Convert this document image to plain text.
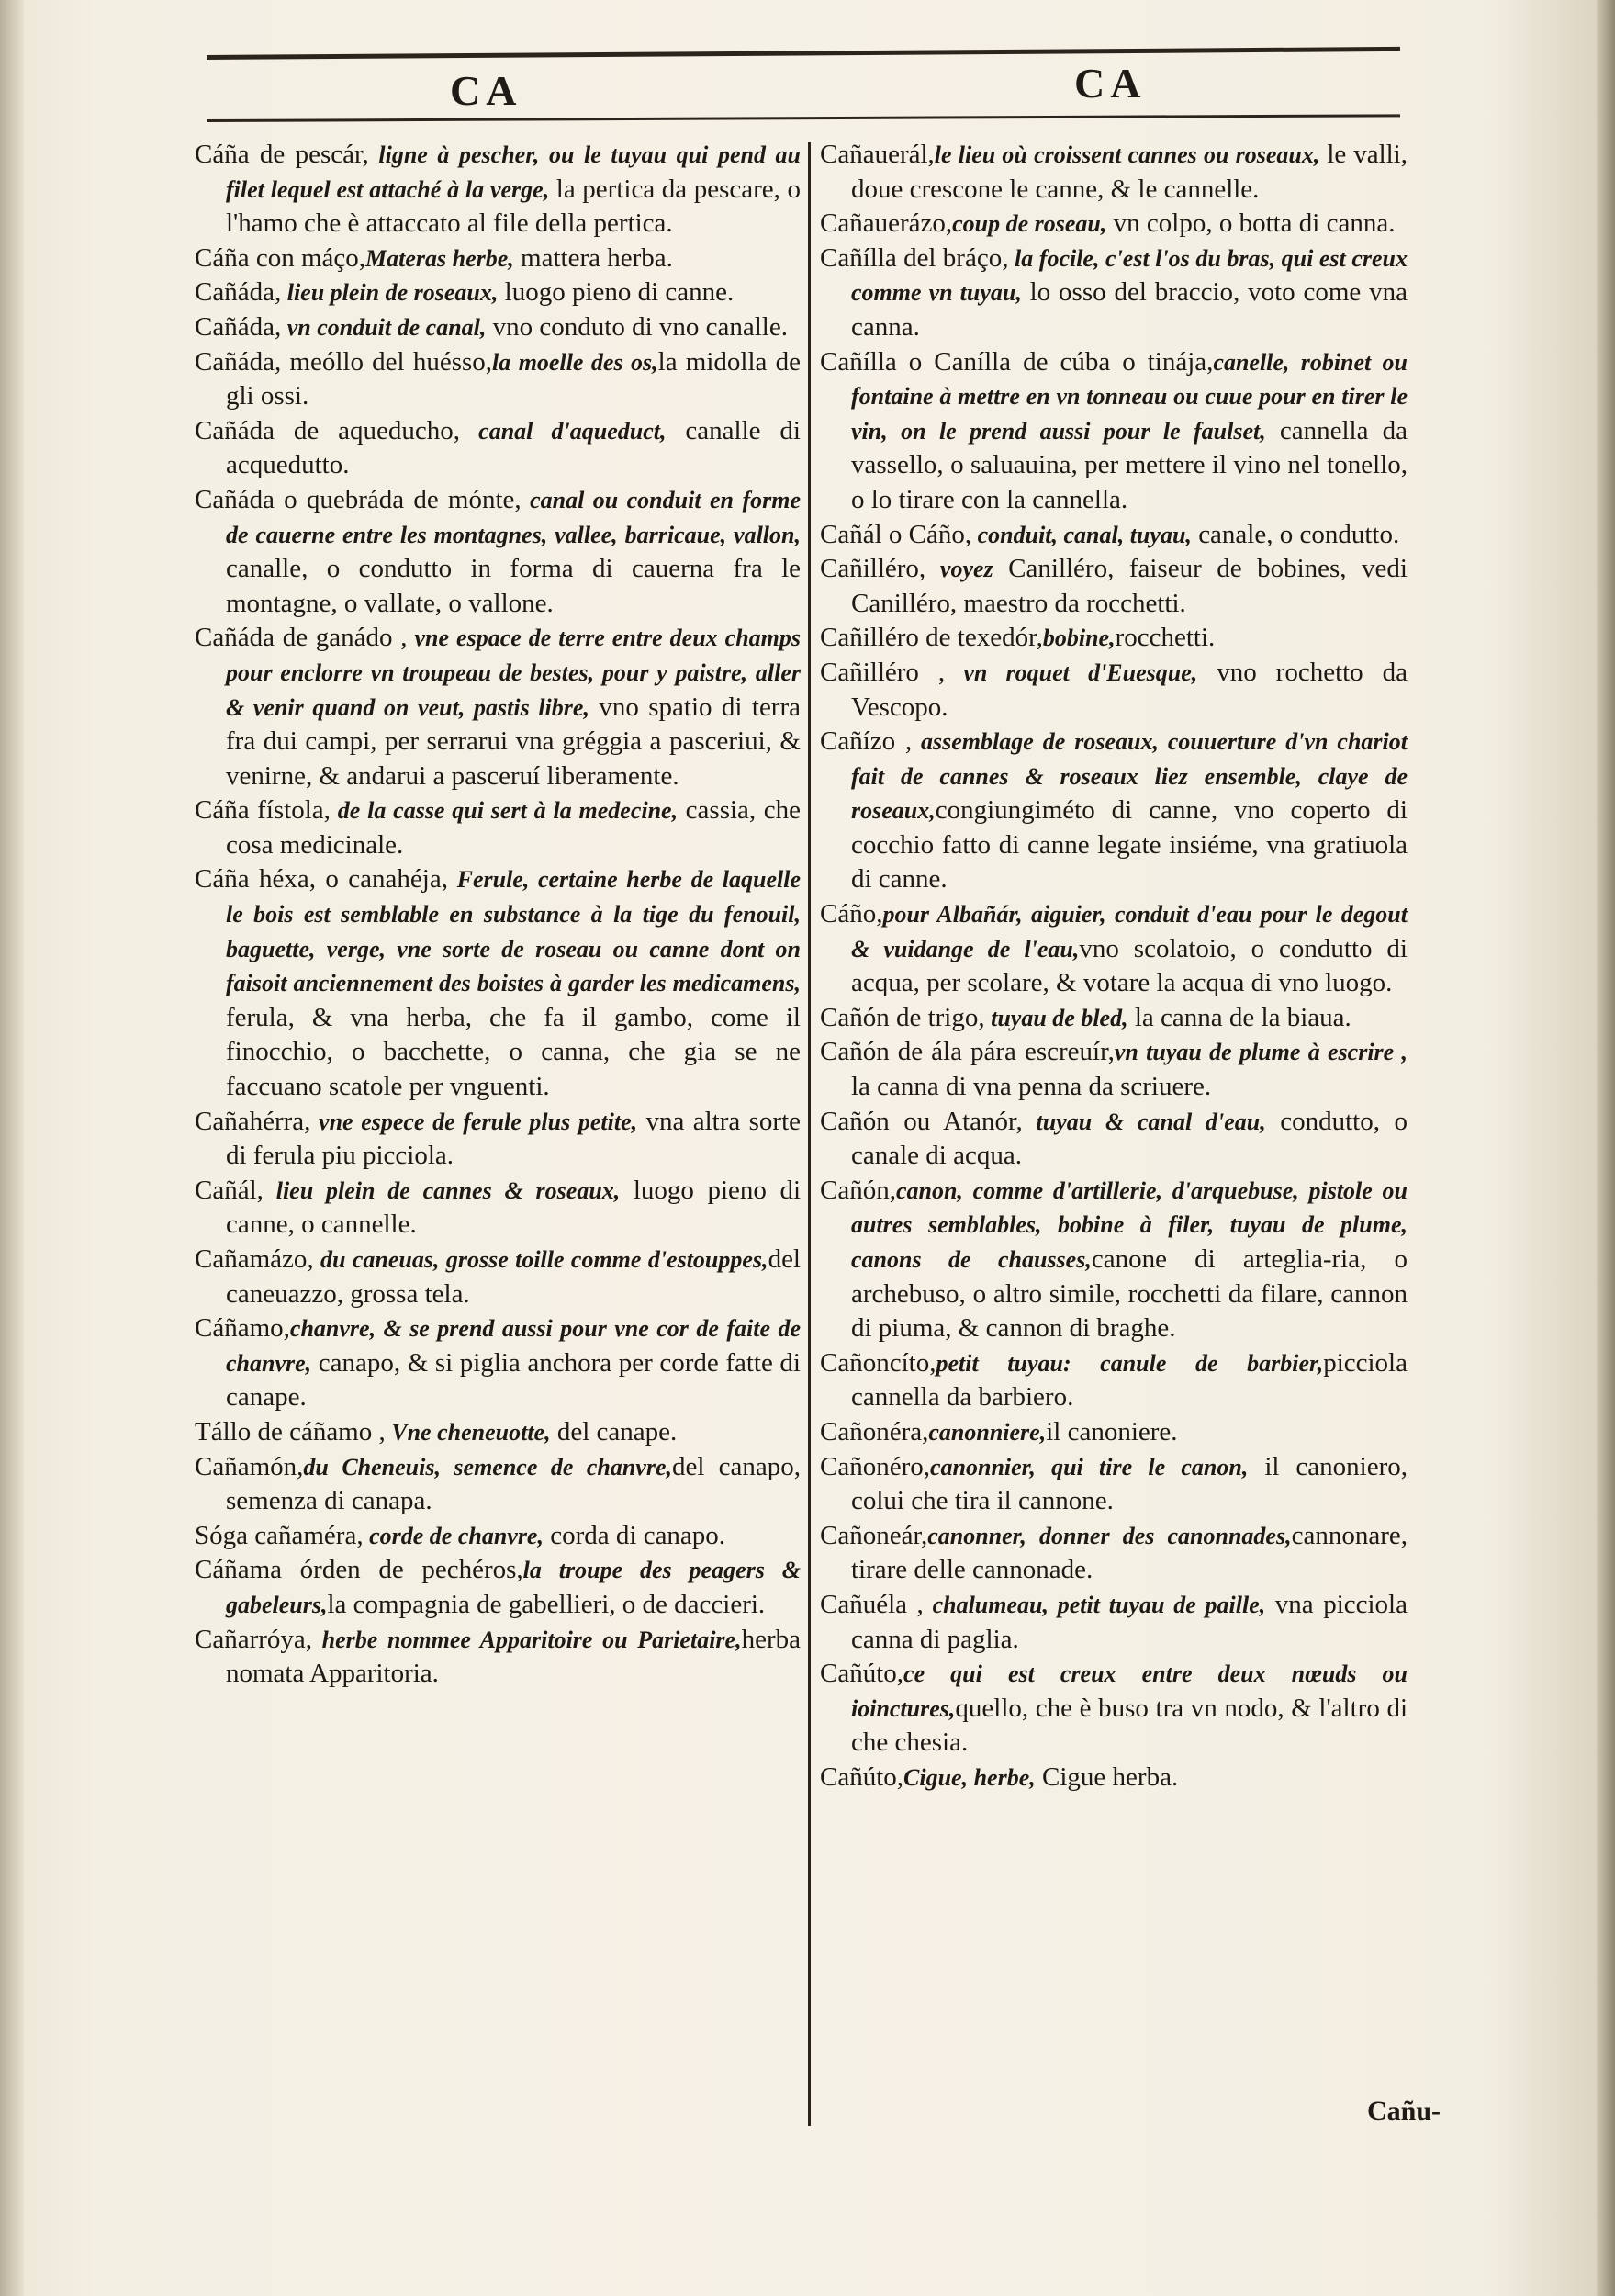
CA	CA

Cáña de pescár, ligne à pescher, ou le tuyau qui pend au filet lequel est attaché à la verge, la pertica da pescare, o l'hamo che è attaccato al file della pertica.

Cáña con máço,Materas herbe, mattera herba.

Cañáda, lieu plein de roseaux, luogo pieno di canne.

Cañáda, vn conduit de canal, vno conduto di vno canalle.

Cañáda, meóllo del huésso,la moelle des os,la midolla de gli ossi.

Cañáda de aqueducho, canal d'aqueduct, canalle di acquedutto.

Cañáda o quebráda de mónte, canal ou conduit en forme de cauerne entre les montagnes, vallee, barricaue, vallon, canalle, o condutto in forma di cauerna fra le montagne, o vallate, o vallone.

Cañáda de ganádo , vne espace de terre entre deux champs pour enclorre vn troupeau de bestes, pour y paistre, aller & venir quand on veut, pastis libre, vno spatio di terra fra dui campi, per serrarui vna gréggia a pasceriui, & venirne, & andarui a pasceruí liberamente.

Cáña fístola, de la casse qui sert à la medecine, cassia, che cosa medicinale.

Cáña héxa, o canahéja, Ferule, certaine herbe de laquelle le bois est semblable en substance à la tige du fenouil, baguette, verge, vne sorte de roseau ou canne dont on faisoit anciennement des boistes à garder les medicamens, ferula, & vna herba, che fa il gambo, come il finocchio, o bacchette, o canna, che gia se ne faccuano scatole per vnguenti.

Cañahérra, vne espece de ferule plus petite, vna altra sorte di ferula piu picciola.

Cañál, lieu plein de cannes & roseaux, luogo pieno di canne, o cannelle.

Cañamázo, du caneuas, grosse toille comme d'estouppes,del caneuazzo, grossa tela.

Cáñamo,chanvre, & se prend aussi pour vne cor de faite de chanvre, canapo, & si piglia anchora per corde fatte di canape.

Tállo de cáñamo , Vne cheneuotte, del canape.

Cañamón,du Cheneuis, semence de chanvre,del canapo, semenza di canapa.

Sóga cañaméra, corde de chanvre, corda di canapo.

Cáñama órden de pechéros,la troupe des peagers & gabeleurs,la compagnia de gabellieri, o de daccieri.

Cañarróya, herbe nommee Apparitoire ou Parietaire,herba nomata Apparitoria.

Cañauerál,le lieu où croissent cannes ou roseaux, le valli, doue crescone le canne, & le cannelle.

Cañauerázo,coup de roseau, vn colpo, o botta di canna.

Cañílla del bráço, la focile, c'est l'os du bras, qui est creux comme vn tuyau, lo osso del braccio, voto come vna canna.

Cañílla o Canílla de cúba o tinája,canelle, robinet ou fontaine à mettre en vn tonneau ou cuue pour en tirer le vin, on le prend aussi pour le faulset, cannella da vassello, o saluauina, per mettere il vino nel tonello, o lo tirare con la cannella.

Cañál o Cáño, conduit, canal, tuyau, canale, o condutto.

Cañilléro, voyez Canilléro, faiseur de bobines, vedi Canilléro, maestro da rocchetti.

Cañilléro de texedór,bobine,rocchetti.

Cañilléro , vn roquet d'Euesque, vno rochetto da Vescopo.

Cañízo , assemblage de roseaux, couuerture d'vn chariot fait de cannes & roseaux liez ensemble, claye de roseaux,congiungiméto di canne, vno coperto di cocchio fatto di canne legate insiéme, vna gratiuola di canne.

Cáño,pour Albañár, aiguier, conduit d'eau pour le degout & vuidange de l'eau,vno scolatoio, o condutto di acqua, per scolare, & votare la acqua di vno luogo.

Cañón de trigo, tuyau de bled, la canna de la biaua.

Cañón de ála pára escreuír,vn tuyau de plume à escrire , la canna di vna penna da scriuere.

Cañón ou Atanór, tuyau & canal d'eau, condutto, o canale di acqua.

Cañón,canon, comme d'artillerie, d'arquebuse, pistole ou autres semblables, bobine à filer, tuyau de plume, canons de chausses,canone di arteglia-ria, o archebuso, o altro simile, rocchetti da filare, cannon di piuma, & cannon di braghe.

Cañoncíto,petit tuyau: canule de barbier,picciola cannella da barbiero.

Cañonéra,canonniere,il canoniere.

Cañonéro,canonnier, qui tire le canon, il canoniero, colui che tira il cannone.

Cañoneár,canonner, donner des canonnades,cannonare, tirare delle cannonade.

Cañuéla , chalumeau, petit tuyau de paille, vna picciola canna di paglia.

Cañúto,ce qui est creux entre deux nœuds ou ioinctures,quello, che è buso tra vn nodo, & l'altro di che chesia.

Cañúto,Cigue, herbe, Cigue herba.

Cañu-
